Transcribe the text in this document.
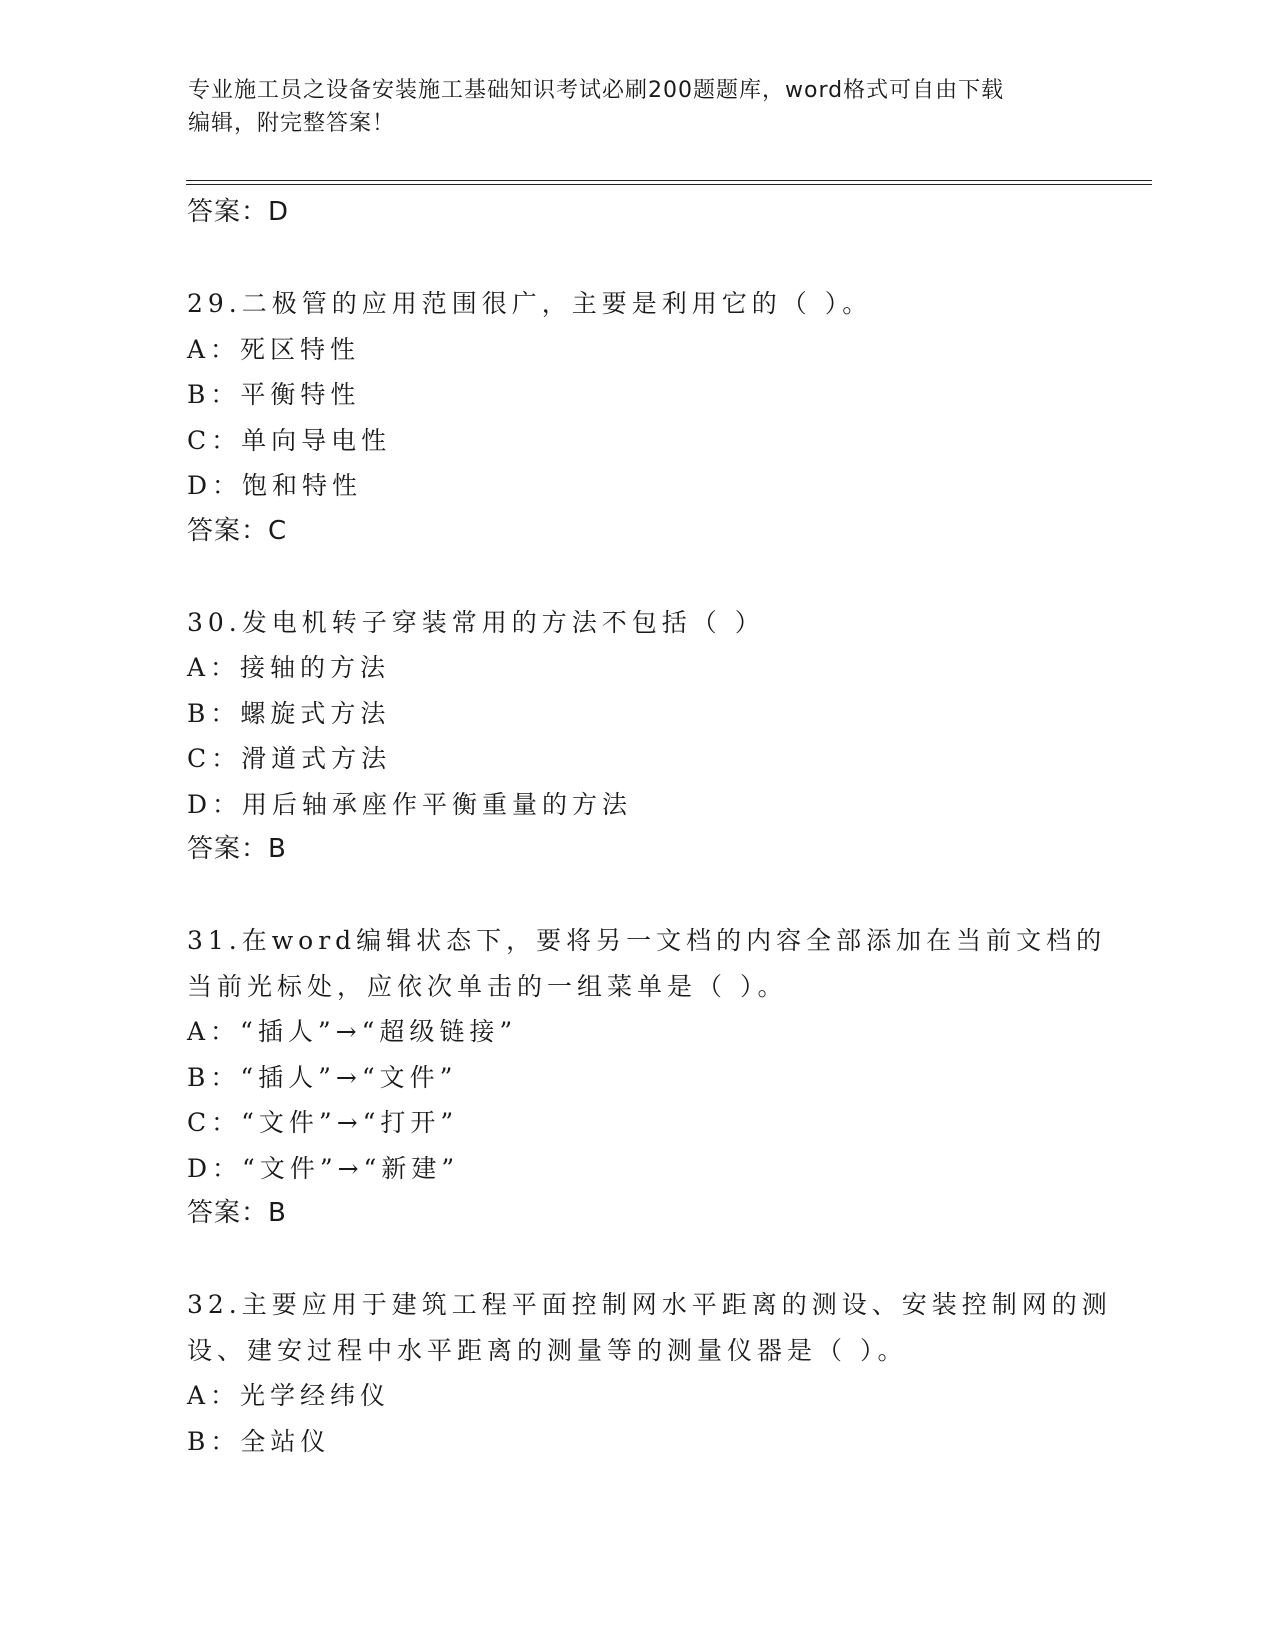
专业施工员之设备安装施工基础知识考试必刷200题题库，word格式可自由下载
编辑，附完整答案！
答案：D
29.二极管的应用范围很广，主要是利用它的（ ）。
A：死区特性
B：平衡特性
C：单向导电性
D：饱和特性
答案：C
30.发电机转子穿装常用的方法不包括（ ）
A：接轴的方法
B：螺旋式方法
C：滑道式方法
D：用后轴承座作平衡重量的方法
答案：B
31.在word编辑状态下，要将另一文档的内容全部添加在当前文档的
当前光标处，应依次单击的一组菜单是（ ）。
A：“插人”→“超级链接”
B：“插人”→“文件”
C：“文件”→“打开”
D：“文件”→“新建”
答案：B
32.主要应用于建筑工程平面控制网水平距离的测设、安装控制网的测
设、建安过程中水平距离的测量等的测量仪器是（ ）。
A：光学经纬仪
B：全站仪
